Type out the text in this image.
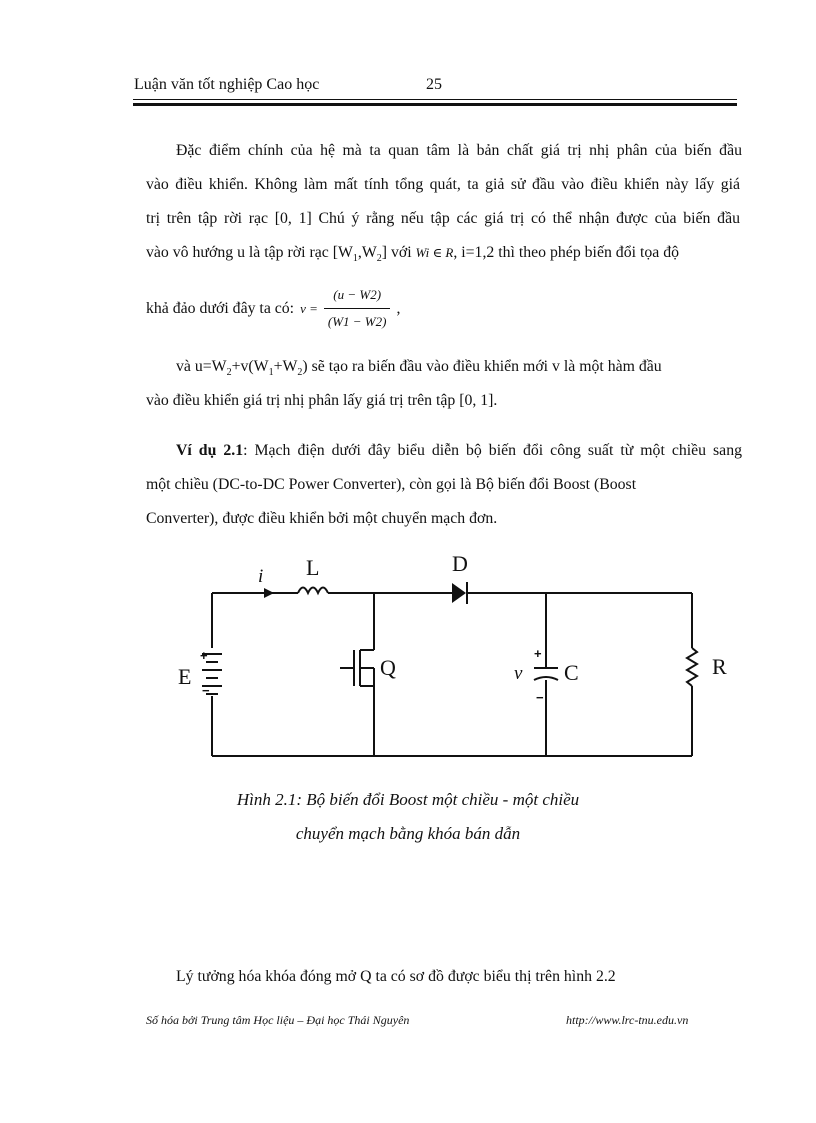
Luận văn tốt nghiệp Cao học	25
Đặc điểm chính của hệ mà ta quan tâm là bản chất giá trị nhị phân của biến đầu
vào điều khiển. Không làm mất tính tổng quát, ta giả sử đầu vào điều khiển này lấy giá
trị trên tập rời rạc [0, 1] Chú ý rằng nếu tập các giá trị có thể nhận được của biến đầu
vào vô hướng u là tập rời rạc $[W_1,W_2]$ với Wi ∈ R, i=1,2 thì theo phép biến đổi tọa độ
khả đảo dưới đây ta có: $v = \frac{(u - W2)}{(W1 - W2)}$ ,
và $u=W_2+v(W_1+W_2)$ sẽ tạo ra biến đầu vào điều khiển mới v là một hàm đầu
vào điều khiển giá trị nhị phân lấy giá trị trên tập [0, 1].
Ví dụ 2.1: Mạch điện dưới đây biểu diễn bộ biến đổi công suất từ một chiều sang
một chiều (DC-to-DC Power Converter), còn gọi là Bộ biến đổi Boost (Boost
Converter), được điều khiển bởi một chuyển mạch đơn.
+
−
+
−
i L	D
E	Q	v C	R
Hình 2.1: Bộ biến đổi Boost một chiều - một chiều
chuyển mạch bằng khóa bán dẫn
Lý tưởng hóa khóa đóng mở Q ta có sơ đồ được biểu thị trên hình 2.2
Số hóa bởi Trung tâm Học liệu – Đại học Thái Nguyên	http://www.lrc-tnu.edu.vn
